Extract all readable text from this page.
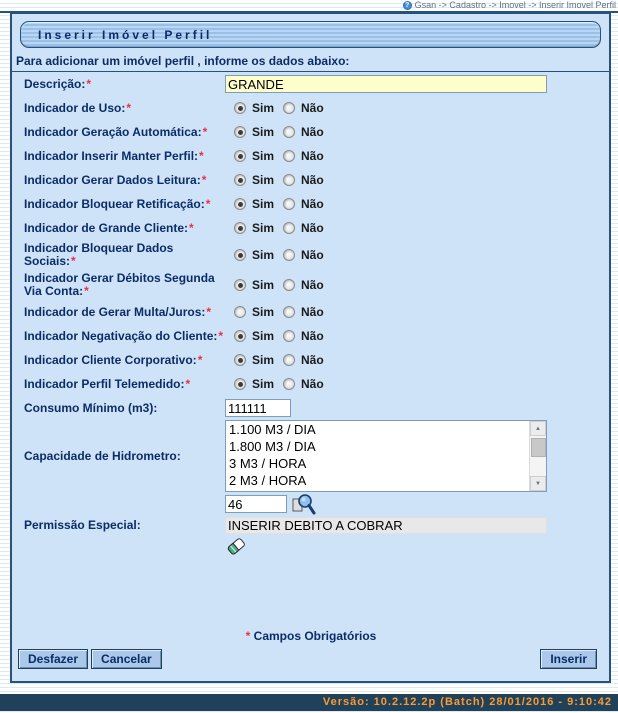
? Gsan -> Cadastro -> Imovel -> Inserir Imovel Perfil
Inserir Imóvel Perfil
Para adicionar um imóvel perfil , informe os dados abaixo:
Descrição:*
GRANDE
Indicador de Uso:*	Sim Não
Indicador Geração Automática:*	Sim Não
Indicador Inserir Manter Perfil:*	Sim Não
Indicador Gerar Dados Leitura:*	Sim Não
Indicador Bloquear Retificação:*	Sim Não
Indicador de Grande Cliente:*	Sim Não
Indicador Bloquear Dados Sociais:*	Sim Não
Indicador Gerar Débitos Segunda Via Conta:*	Sim Não
Indicador de Gerar Multa/Juros:*	Sim Não
Indicador Negativação do Cliente:* Sim Não
Indicador Cliente Corporativo:*	Sim Não
Indicador Perfil Telemedido:*	Sim Não
Consumo Mínimo (m3):
111111
Capacidade de Hidrometro:
1.100 M3 / DIA
1.800 M3 / DIA
3 M3 / HORA
2 M3 / HORA
▲
▼
Permissão Especial:
46	INSERIR DEBITO A COBRAR
* Campos Obrigatórios
Desfazer	Cancelar	Inserir
Versão: 10.2.12.2p (Batch) 28/01/2016 - 9:10:42
